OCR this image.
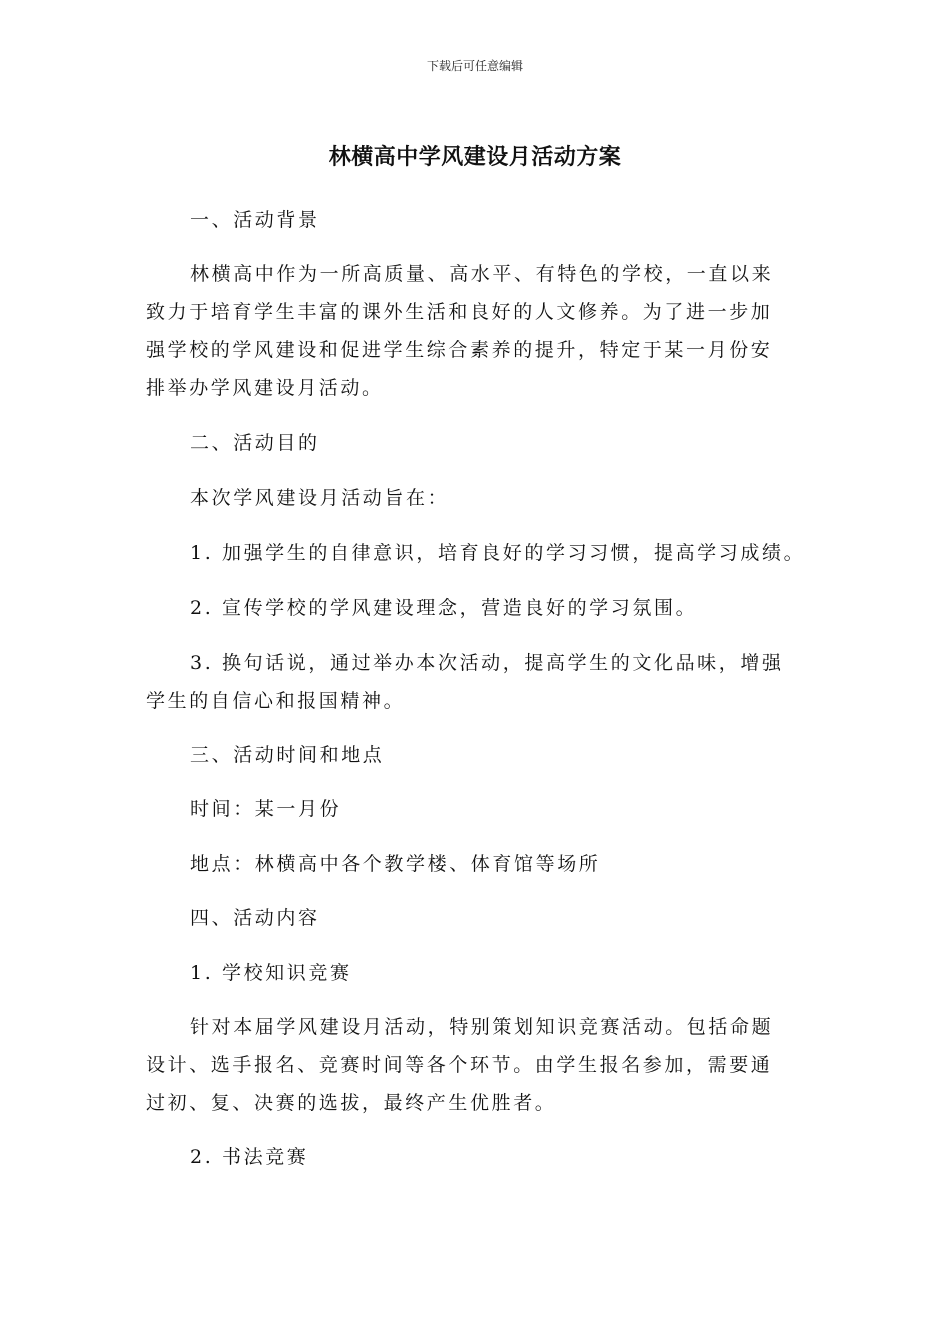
下载后可任意编辑
林横高中学风建设月活动方案
一、活动背景
林横高中作为一所高质量、高水平、有特色的学校，一直以来
致力于培育学生丰富的课外生活和良好的人文修养。为了进一步加
强学校的学风建设和促进学生综合素养的提升，特定于某一月份安
排举办学风建设月活动。
二、活动目的
本次学风建设月活动旨在：
1. 加强学生的自律意识，培育良好的学习习惯，提高学习成绩。
2. 宣传学校的学风建设理念，营造良好的学习氛围。
3. 换句话说，通过举办本次活动，提高学生的文化品味，增强
学生的自信心和报国精神。
三、活动时间和地点
时间：某一月份
地点：林横高中各个教学楼、体育馆等场所
四、活动内容
1. 学校知识竞赛
针对本届学风建设月活动，特别策划知识竞赛活动。包括命题
设计、选手报名、竞赛时间等各个环节。由学生报名参加，需要通
过初、复、决赛的选拔，最终产生优胜者。
2. 书法竞赛
